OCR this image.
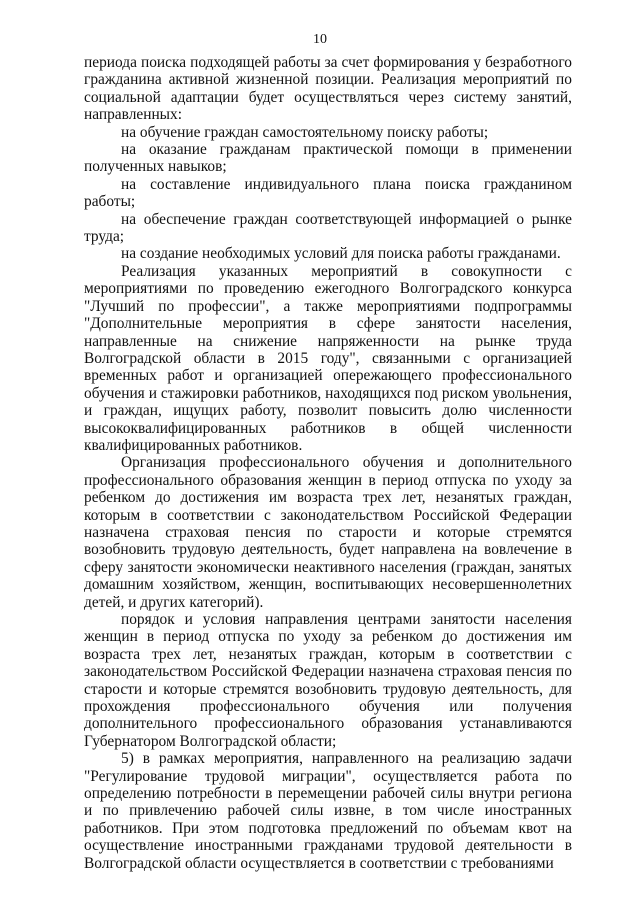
10

периода поиска подходящей работы за счет формирования у безработного гражданина активной жизненной позиции. Реализация мероприятий по социальной адаптации будет осуществляться через систему занятий, направленных:

на обучение граждан самостоятельному поиску работы;

на оказание гражданам практической помощи в применении полученных навыков;

на составление индивидуального плана поиска гражданином работы;

на обеспечение граждан соответствующей информацией о рынке труда;

на создание необходимых условий для поиска работы гражданами.

Реализация указанных мероприятий в совокупности с мероприятиями по проведению ежегодного Волгоградского конкурса "Лучший по профессии", а также мероприятиями подпрограммы "Дополнительные мероприятия в сфере занятости населения, направленные на снижение напряженности на рынке труда Волгоградской области в 2015 году", связанными с организацией временных работ и организацией опережающего профессионального обучения и стажировки работников, находящихся под риском увольнения, и граждан, ищущих работу, позволит повысить долю численности высококвалифицированных работников в общей численности квалифицированных работников.

Организация профессионального обучения и дополнительного профессионального образования женщин в период отпуска по уходу за ребенком до достижения им возраста трех лет, незанятых граждан, которым в соответствии с законодательством Российской Федерации назначена страховая пенсия по старости и которые стремятся возобновить трудовую деятельность, будет направлена на вовлечение в сферу занятости экономически неактивного населения (граждан, занятых домашним хозяйством, женщин, воспитывающих несовершеннолетних детей, и других категорий).

порядок и условия направления центрами занятости населения женщин в период отпуска по уходу за ребенком до достижения им возраста трех лет, незанятых граждан, которым в соответствии с законодательством Российской Федерации назначена страховая пенсия по старости и которые стремятся возобновить трудовую деятельность, для прохождения профессионального обучения или получения дополнительного профессионального образования устанавливаются Губернатором Волгоградской области;

5) в рамках мероприятия, направленного на реализацию задачи "Регулирование трудовой миграции", осуществляется работа по определению потребности в перемещении рабочей силы внутри региона и по привлечению рабочей силы извне, в том числе иностранных работников. При этом подготовка предложений по объемам квот на осуществление иностранными гражданами трудовой деятельности в Волгоградской области осуществляется в соответствии с требованиями
